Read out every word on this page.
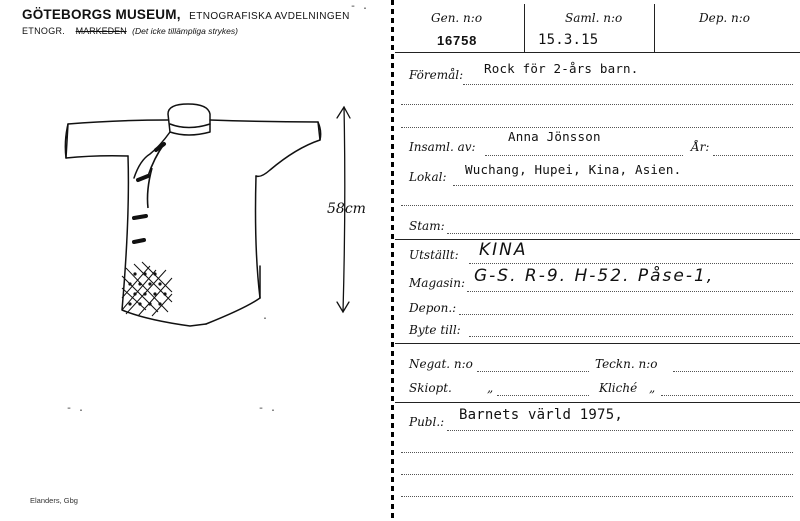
GÖTEBORGS MUSEUM, ETNOGRAFISKA AVDELNINGEN
ETNOGR. MARKEDEN (Det icke tillämpliga strykes)
- .
- .	- .
.
58cm
Elanders, Gbg
Gen. n:o
16758
Saml. n:o
15.3.15
Dep. n:o
Föremål: Rock för 2-års barn.
Insaml. av:
Anna Jönsson
År:
Lokal: Wuchang, Hupei, Kina, Asien.
Stam:
Utställt: KINA
Magasin: G-S. R-9. H-52. Påse-1,
Depon.:
Byte till:
Negat. n:o	Teckn. n:o
Skiopt.	„	Kliché „
Publ.: Barnets värld 1975,
